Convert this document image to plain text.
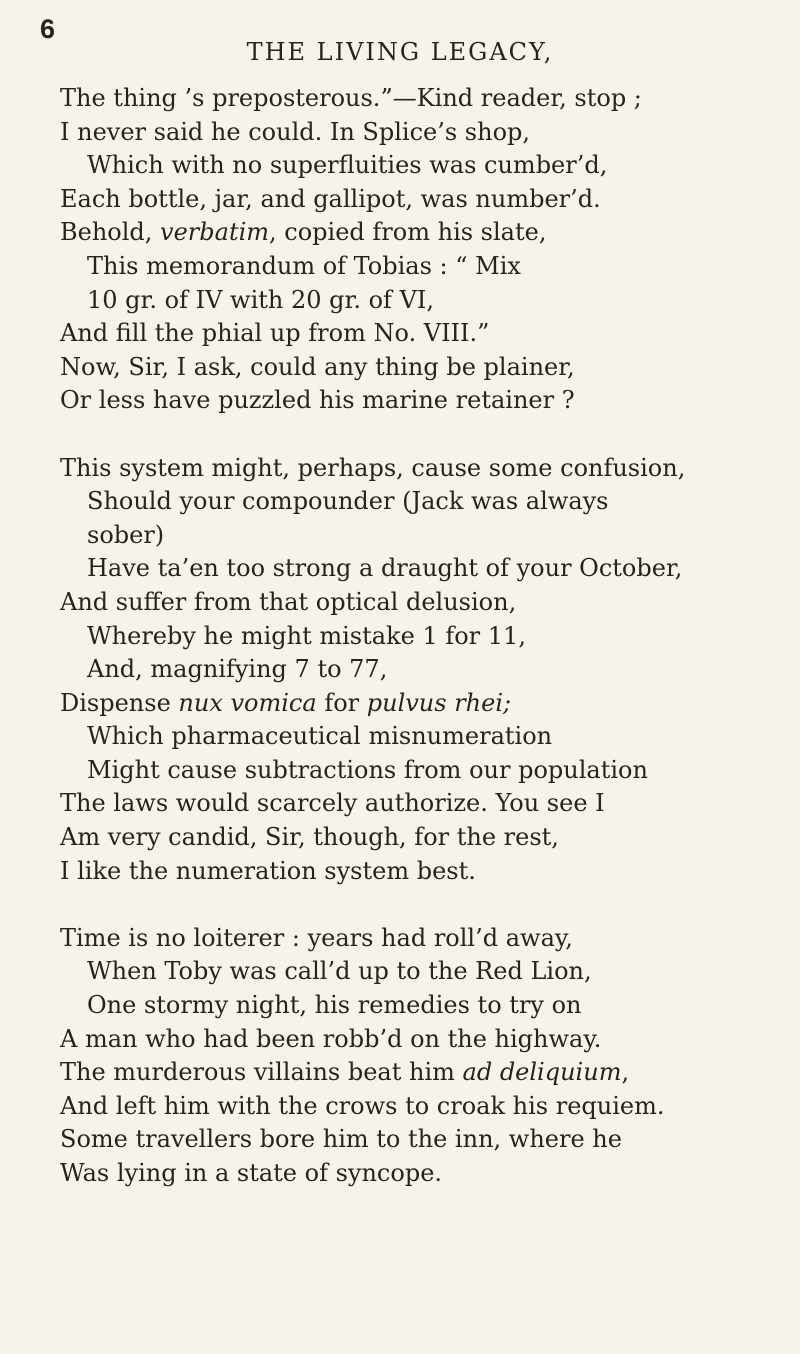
6
THE LIVING LEGACY,
The thing ’s preposterous.”—Kind reader, stop ;
I never said he could. In Splice’s shop,
Which with no superfluities was cumber’d,
Each bottle, jar, and gallipot, was number’d.
Behold, verbatim, copied from his slate,
This memorandum of Tobias : “ Mix
10 gr. of IV with 20 gr. of VI,
And fill the phial up from No. VIII.”
Now, Sir, I ask, could any thing be plainer,
Or less have puzzled his marine retainer ?
This system might, perhaps, cause some confusion,
Should your compounder (Jack was always
sober)
Have ta’en too strong a draught of your October,
And suffer from that optical delusion,
Whereby he might mistake 1 for 11,
And, magnifying 7 to 77,
Dispense nux vomica for pulvus rhei;
Which pharmaceutical misnumeration
Might cause subtractions from our population
The laws would scarcely authorize. You see I
Am very candid, Sir, though, for the rest,
I like the numeration system best.
Time is no loiterer : years had roll’d away,
When Toby was call’d up to the Red Lion,
One stormy night, his remedies to try on
A man who had been robb’d on the highway.
The murderous villains beat him ad deliquium,
And left him with the crows to croak his requiem.
Some travellers bore him to the inn, where he
Was lying in a state of syncope.
